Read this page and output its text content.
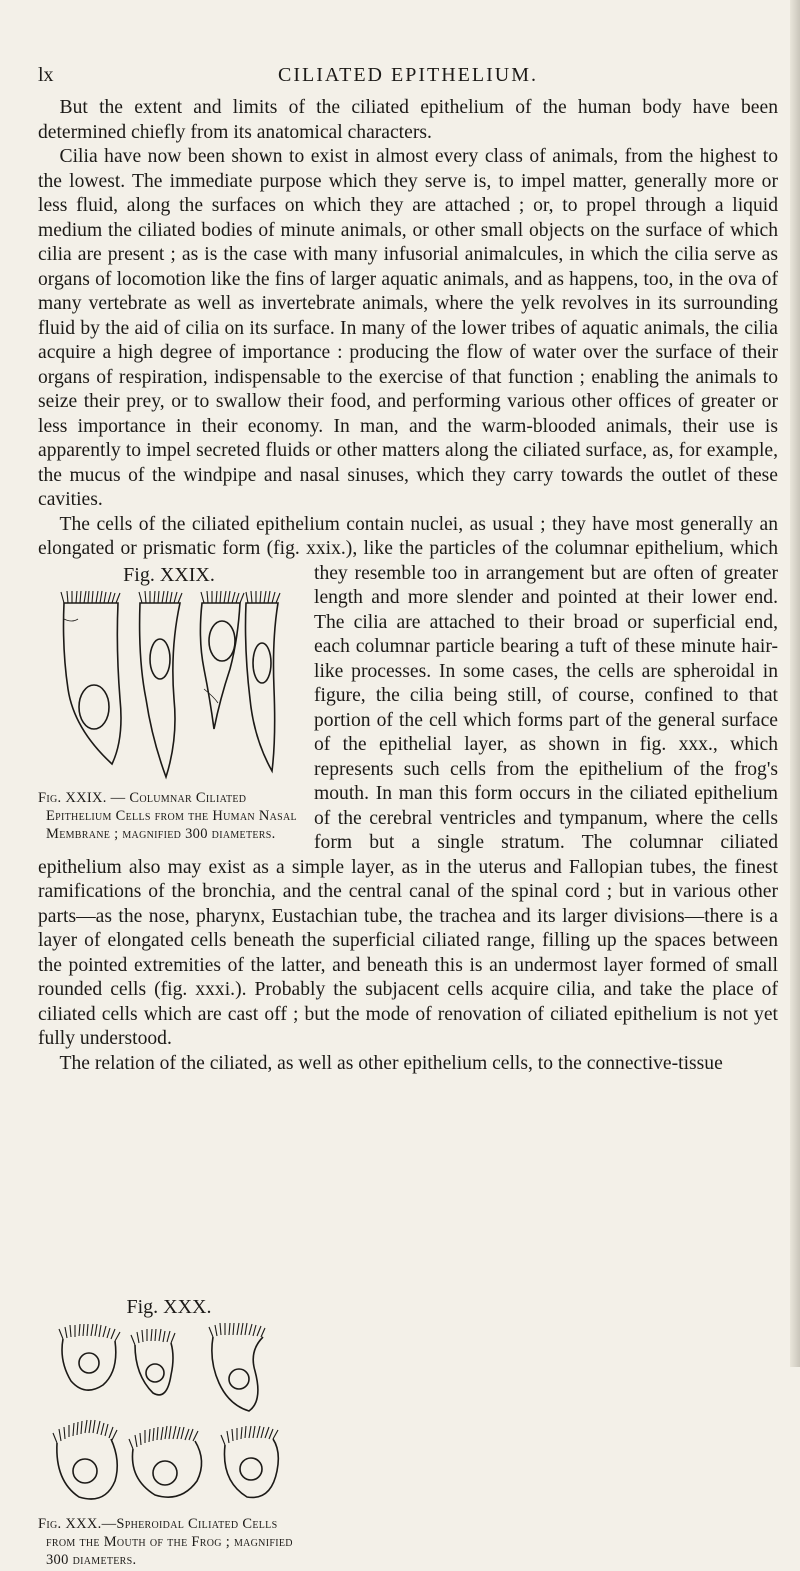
lx	CILIATED EPITHELIUM.

But the extent and limits of the ciliated epithelium of the human body have been determined chiefly from its anatomical characters.

Fig. XXIX.
Fig. XXIX. — Columnar Ciliated Epithelium Cells from the Human Nasal Membrane ; magnified 300 diameters.

Cilia have now been shown to exist in almost every class of animals, from the highest to the lowest. The immediate purpose which they serve is, to impel matter, generally more or less fluid, along the surfaces on which they are attached ; or, to propel through a liquid medium the ciliated bodies of minute animals, or other small objects on the surface of which cilia are present ; as is the case with many infusorial animalcules, in which the cilia serve as organs of locomotion like the fins of larger aquatic animals, and as happens, too, in the ova of many vertebrate as well as invertebrate animals, where the yelk revolves in its surrounding fluid by the aid of cilia on its surface. In many of the lower tribes of aquatic animals, the cilia acquire a high degree of importance : producing the flow of water over the surface of their organs of respiration, indispensable to the exercise of that function ; enabling the animals to seize their prey, or to swallow their food, and performing various other offices of greater or less importance in their economy. In man, and the warm-blooded animals, their use is apparently to impel secreted fluids or other matters along the ciliated surface, as, for example, the mucus of the windpipe and nasal sinuses, which they carry towards the outlet of these cavities.

Fig. XXX.
Fig. XXX.—Spheroidal Ciliated Cells from the Mouth of the Frog ; magnified 300 diameters.

The cells of the ciliated epithelium contain nuclei, as usual ; they have most generally an elongated or prismatic form (fig. xxix.), like the particles of the columnar epithelium, which they resemble too in arrangement but are often of greater length and more slender and pointed at their lower end. The cilia are attached to their broad or superficial end, each columnar particle bearing a tuft of these minute hair-like processes. In some cases, the cells are spheroidal in figure, the cilia being still, of course, confined to that portion of the cell which forms part of the general surface of the epithelial layer, as shown in fig. xxx., which represents such cells from the epithelium of the frog's mouth. In man this form occurs in the ciliated epithelium of the cerebral ventricles and tympanum, where the cells form but a single stratum. The columnar ciliated epithelium also may exist as a simple layer, as in the uterus and Fallopian tubes, the finest ramifications of the bronchia, and the central canal of the spinal cord ; but in various other parts—as the nose, pharynx, Eustachian tube, the trachea and its larger divisions—there is a layer of elongated cells beneath the superficial ciliated range, filling up the spaces between the pointed extremities of the latter, and beneath this is an undermost layer formed of small rounded cells (fig. xxxi.). Probably the subjacent cells acquire cilia, and take the place of ciliated cells which are cast off ; but the mode of renovation of ciliated epithelium is not yet fully understood.

The relation of the ciliated, as well as other epithelium cells, to the connective-tissue
